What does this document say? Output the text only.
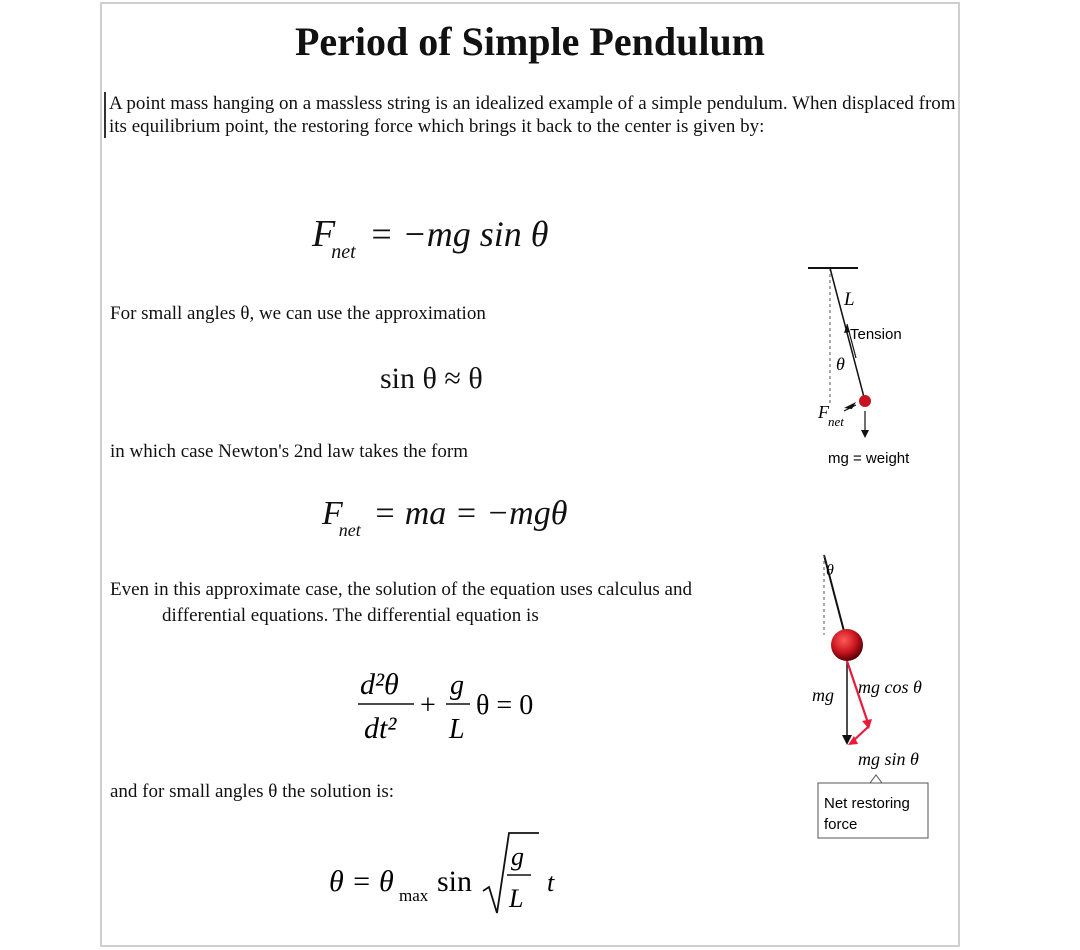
Period of Simple Pendulum
A point mass hanging on a massless string is an idealized example of a simple pendulum. When displaced from its equilibrium point, the restoring force which brings it back to the center is given by:
$F_{net} = -mg$ sin θ
For small angles θ, we can use the approximation
sin θ ≈ θ
in which case Newton's 2nd law takes the form
$F_{net}$ = ma = −mgθ
Even in this approximate case, the solution of the equation uses calculus and
differential equations. The differential equation is
d²θ
dt²
+
g
L
θ = 0
and for small angles θ the solution is:
θ = θ max sin
g
L
t
L
Tension
θ
F net
mg = weight
θ
mg mg cos θ
mg sin θ
Net restoring
force
